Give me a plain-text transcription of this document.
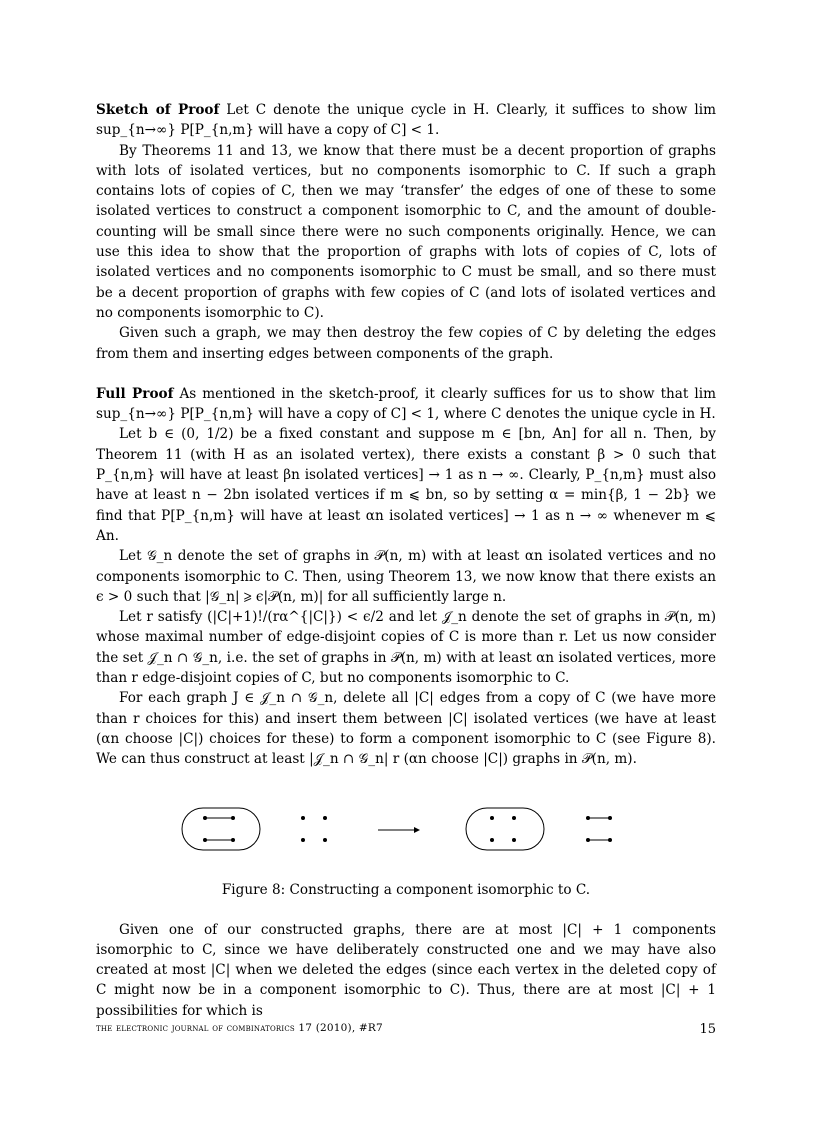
Sketch of Proof Let C denote the unique cycle in H. Clearly, it suffices to show lim sup_{n→∞} P[P_{n,m} will have a copy of C] < 1.

By Theorems 11 and 13, we know that there must be a decent proportion of graphs with lots of isolated vertices, but no components isomorphic to C. If such a graph contains lots of copies of C, then we may ‘transfer’ the edges of one of these to some isolated vertices to construct a component isomorphic to C, and the amount of double-counting will be small since there were no such components originally. Hence, we can use this idea to show that the proportion of graphs with lots of copies of C, lots of isolated vertices and no components isomorphic to C must be small, and so there must be a decent proportion of graphs with few copies of C (and lots of isolated vertices and no components isomorphic to C).

Given such a graph, we may then destroy the few copies of C by deleting the edges from them and inserting edges between components of the graph.

Full Proof As mentioned in the sketch-proof, it clearly suffices for us to show that lim sup_{n→∞} P[P_{n,m} will have a copy of C] < 1, where C denotes the unique cycle in H.

Let b ∈ (0, 1/2) be a fixed constant and suppose m ∈ [bn, An] for all n. Then, by Theorem 11 (with H as an isolated vertex), there exists a constant β > 0 such that P_{n,m} will have at least βn isolated vertices] → 1 as n → ∞. Clearly, P_{n,m} must also have at least n − 2bn isolated vertices if m ⩽ bn, so by setting α = min{β, 1 − 2b} we find that P[P_{n,m} will have at least αn isolated vertices] → 1 as n → ∞ whenever m ⩽ An.

Let 𝒢_n denote the set of graphs in 𝒫(n, m) with at least αn isolated vertices and no components isomorphic to C. Then, using Theorem 13, we now know that there exists an ϵ > 0 such that |𝒢_n| ⩾ ϵ|𝒫(n, m)| for all sufficiently large n.

Let r satisfy (|C|+1)!/(rα^{|C|}) < ϵ/2 and let 𝒥_n denote the set of graphs in 𝒫(n, m) whose maximal number of edge-disjoint copies of C is more than r. Let us now consider the set 𝒥_n ∩ 𝒢_n, i.e. the set of graphs in 𝒫(n, m) with at least αn isolated vertices, more than r edge-disjoint copies of C, but no components isomorphic to C.

For each graph J ∈ 𝒥_n ∩ 𝒢_n, delete all |C| edges from a copy of C (we have more than r choices for this) and insert them between |C| isolated vertices (we have at least (αn choose |C|) choices for these) to form a component isomorphic to C (see Figure 8). We can thus construct at least |𝒥_n ∩ 𝒢_n| r (αn choose |C|) graphs in 𝒫(n, m).

Figure 8: Constructing a component isomorphic to C.

Given one of our constructed graphs, there are at most |C| + 1 components isomorphic to C, since we have deliberately constructed one and we may have also created at most |C| when we deleted the edges (since each vertex in the deleted copy of C might now be in a component isomorphic to C). Thus, there are at most |C| + 1 possibilities for which is

the electronic journal of combinatorics 17 (2010), #R7	15
